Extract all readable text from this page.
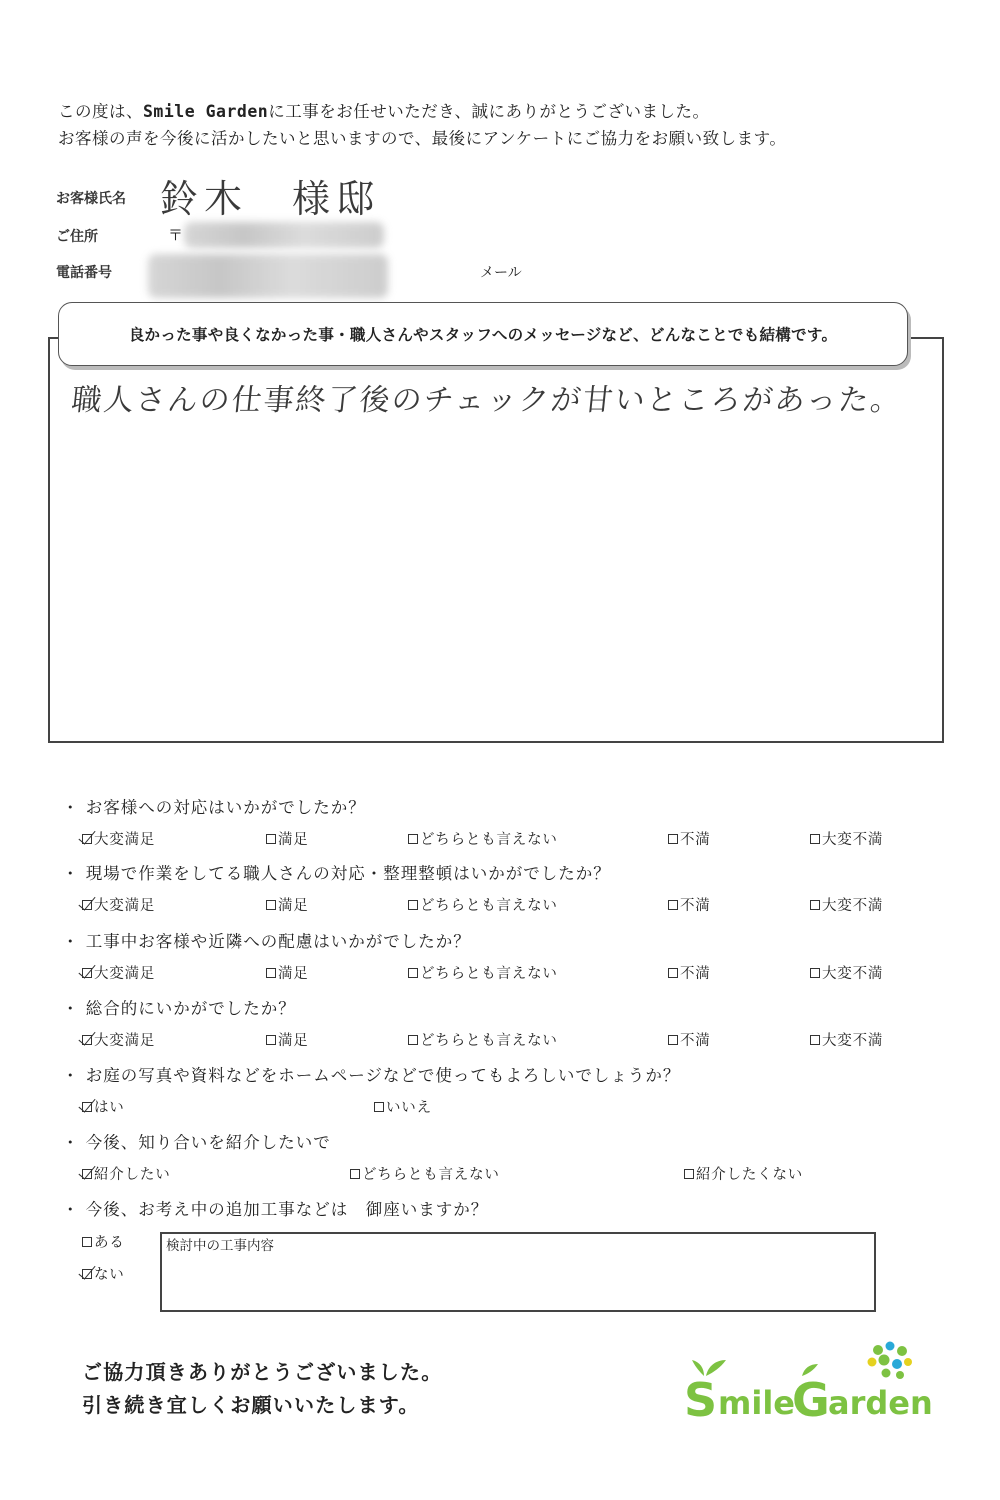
この度は、Smile Gardenに工事をお任せいただき、誠にありがとうございました。
お客様の声を今後に活かしたいと思いますので、最後にアンケートにご協力をお願い致します。
お客様氏名 鈴木　様邸
ご住所	〒
電話番号	メール
良かった事や良くなかった事・職人さんやスタッフへのメッセージなど、どんなことでも結構です。
職人さんの仕事終了後のチェックが甘いところがあった。
・ お客様への対応はいかがでしたか？
大変満足	満足	どちらとも言えない	不満	大変不満
・ 現場で作業をしてる職人さんの対応・整理整頓はいかがでしたか？
大変満足	満足	どちらとも言えない	不満	大変不満
・ 工事中お客様や近隣への配慮はいかがでしたか？
大変満足	満足	どちらとも言えない	不満	大変不満
・ 総合的にいかがでしたか？
大変満足	満足	どちらとも言えない	不満	大変不満
・ お庭の写真や資料などをホームページなどで使ってもよろしいでしょうか？
はい	いいえ
・ 今後、知り合いを紹介したいで
紹介したい	どちらとも言えない	紹介したくない
・ 今後、お考え中の追加工事などは　御座いますか？
ある
ない
検討中の工事内容
ご協力頂きありがとうございました。
引き続き宜しくお願いいたします。	S mile
G
arden
